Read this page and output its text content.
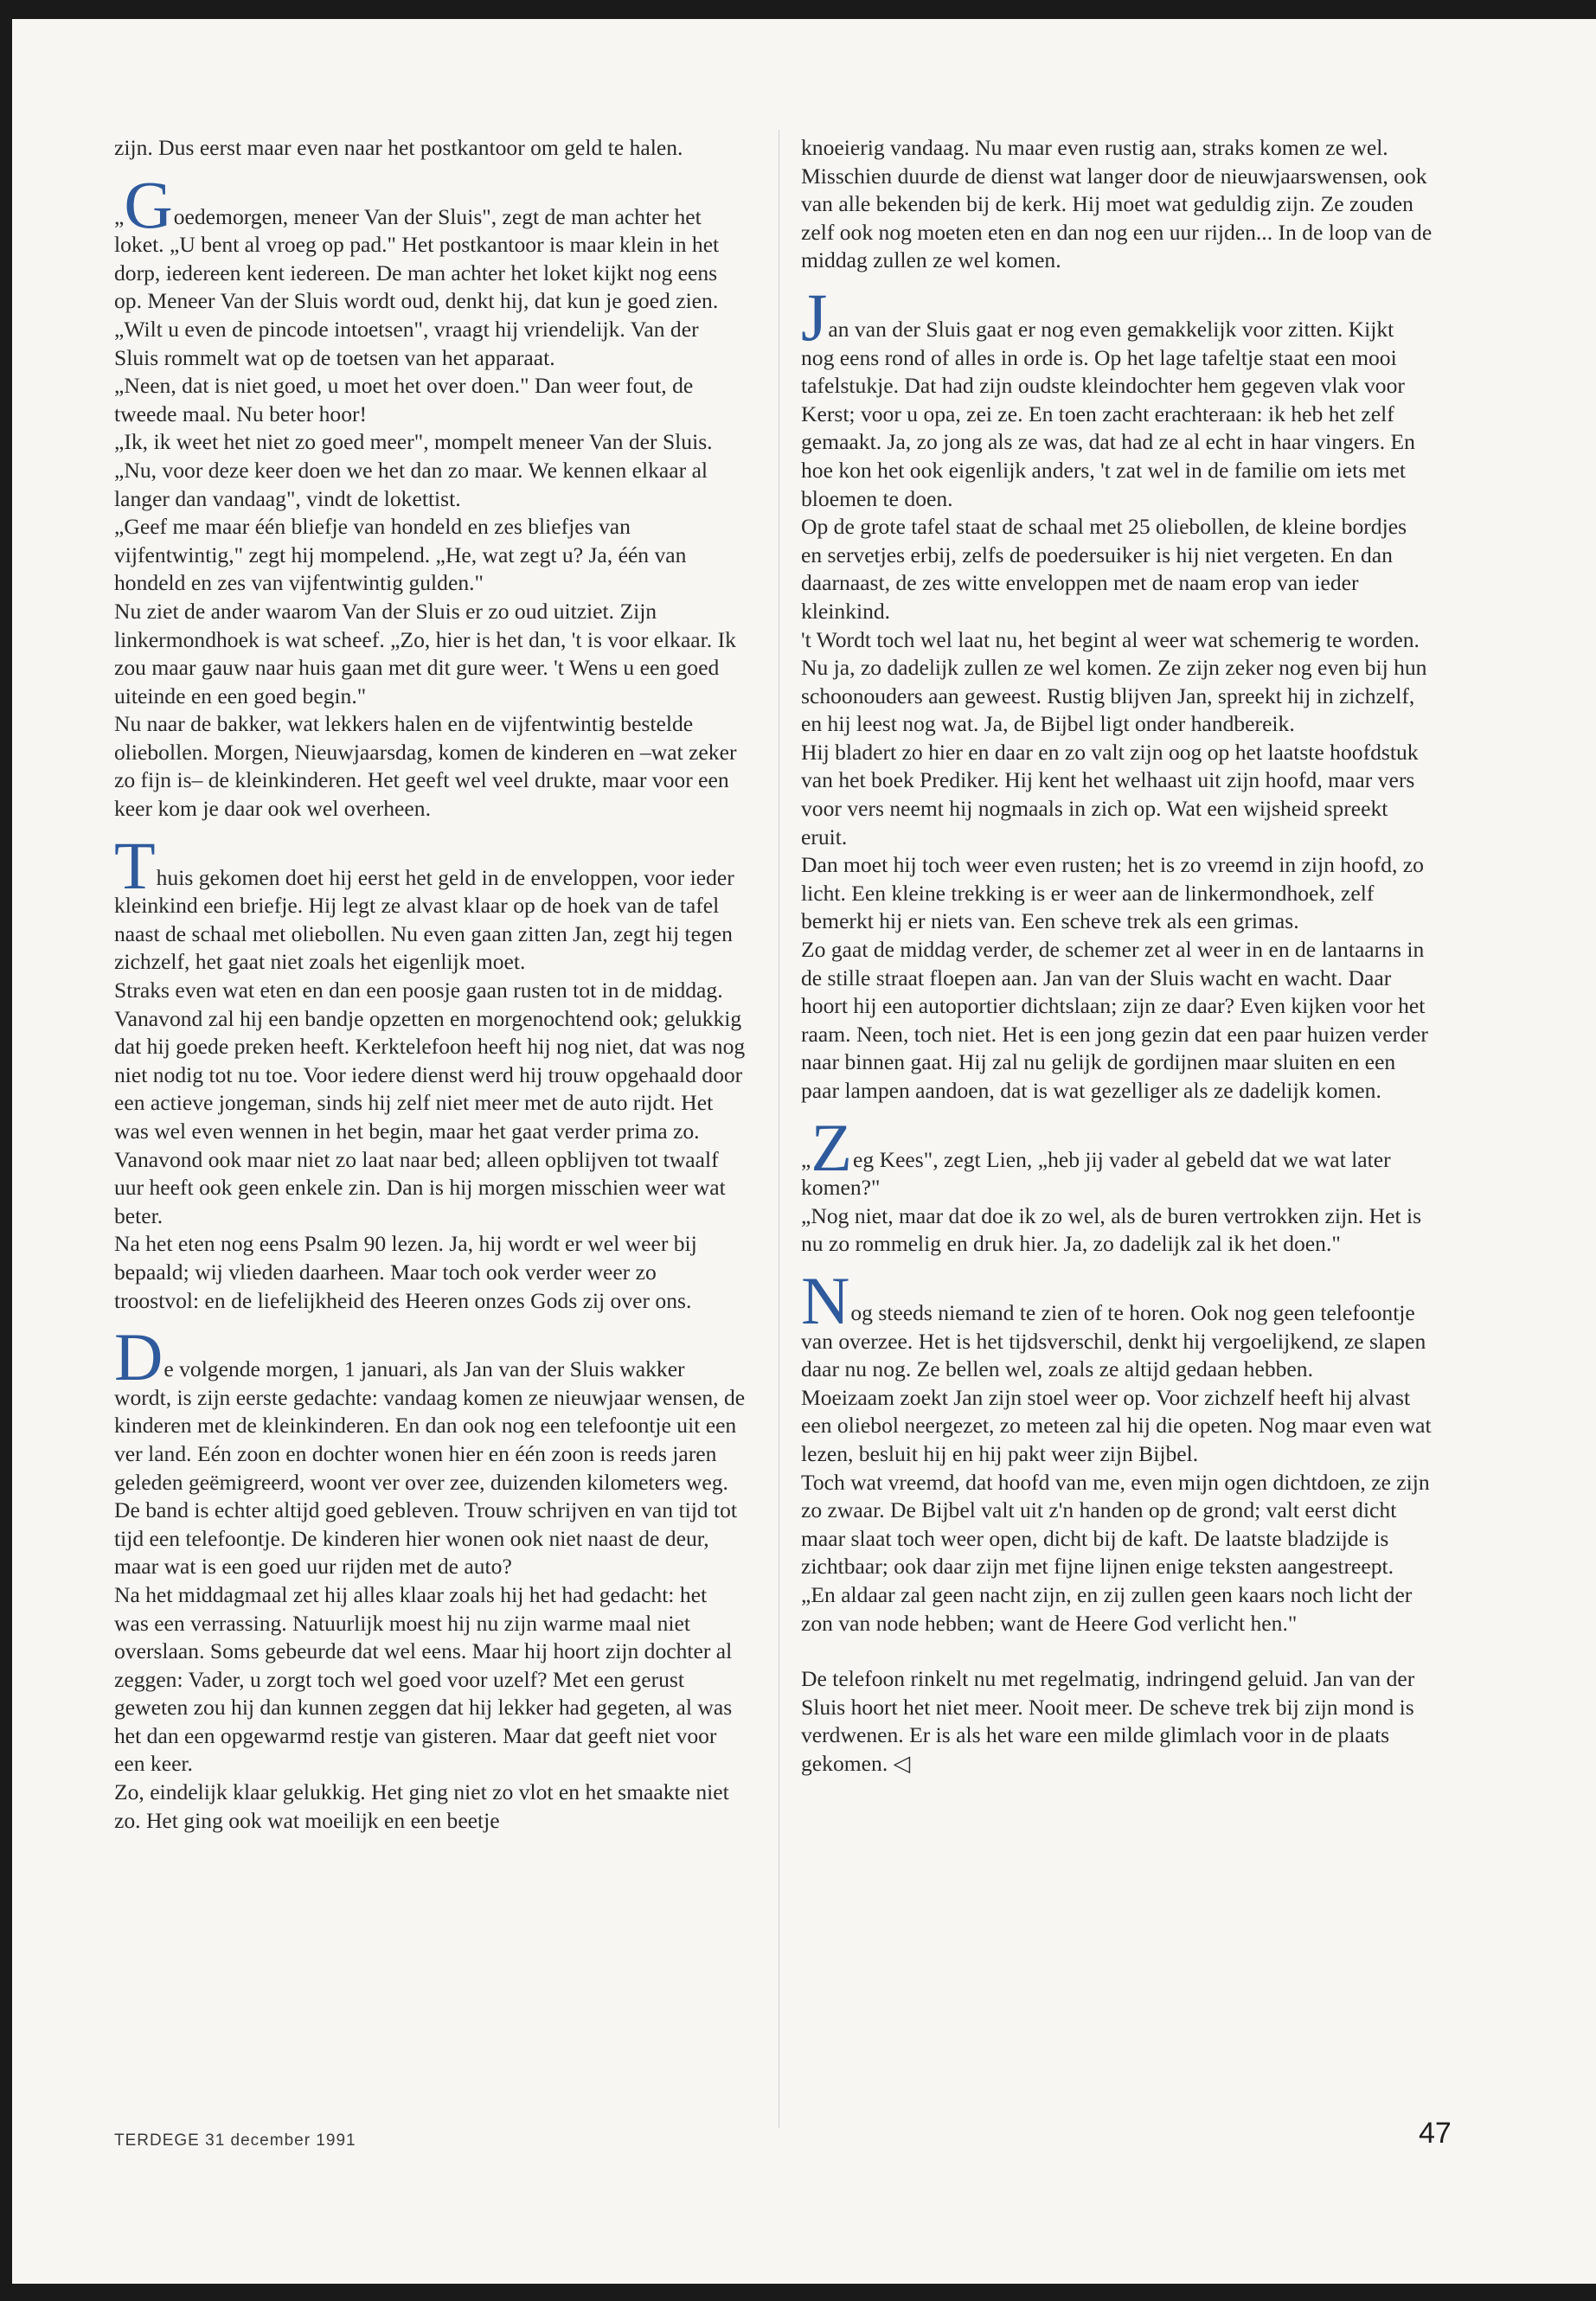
zijn. Dus eerst maar even naar het postkantoor om geld te halen.

„Goedemorgen, meneer Van der Sluis", zegt de man achter het loket. „U bent al vroeg op pad." Het postkantoor is maar klein in het dorp, iedereen kent iedereen. De man achter het loket kijkt nog eens op. Meneer Van der Sluis wordt oud, denkt hij, dat kun je goed zien.

„Wilt u even de pincode intoetsen", vraagt hij vriendelijk. Van der Sluis rommelt wat op de toetsen van het apparaat.

„Neen, dat is niet goed, u moet het over doen." Dan weer fout, de tweede maal. Nu beter hoor!

„Ik, ik weet het niet zo goed meer", mompelt meneer Van der Sluis.

„Nu, voor deze keer doen we het dan zo maar. We kennen elkaar al langer dan vandaag", vindt de lokettist.

„Geef me maar één bliefje van hondeld en zes bliefjes van vijfentwintig," zegt hij mompelend. „He, wat zegt u? Ja, één van hondeld en zes van vijfentwintig gulden."

Nu ziet de ander waarom Van der Sluis er zo oud uitziet. Zijn linkermondhoek is wat scheef. „Zo, hier is het dan, 't is voor elkaar. Ik zou maar gauw naar huis gaan met dit gure weer. 't Wens u een goed uiteinde en een goed begin."

Nu naar de bakker, wat lekkers halen en de vijfentwintig bestelde oliebollen. Morgen, Nieuwjaarsdag, komen de kinderen en –wat zeker zo fijn is– de kleinkinderen. Het geeft wel veel drukte, maar voor een keer kom je daar ook wel overheen.

Thuis gekomen doet hij eerst het geld in de enveloppen, voor ieder kleinkind een briefje. Hij legt ze alvast klaar op de hoek van de tafel naast de schaal met oliebollen. Nu even gaan zitten Jan, zegt hij tegen zichzelf, het gaat niet zoals het eigenlijk moet.

Straks even wat eten en dan een poosje gaan rusten tot in de middag. Vanavond zal hij een bandje opzetten en morgenochtend ook; gelukkig dat hij goede preken heeft. Kerktelefoon heeft hij nog niet, dat was nog niet nodig tot nu toe. Voor iedere dienst werd hij trouw opgehaald door een actieve jongeman, sinds hij zelf niet meer met de auto rijdt. Het was wel even wennen in het begin, maar het gaat verder prima zo.

Vanavond ook maar niet zo laat naar bed; alleen opblijven tot twaalf uur heeft ook geen enkele zin. Dan is hij morgen misschien weer wat beter.

Na het eten nog eens Psalm 90 lezen. Ja, hij wordt er wel weer bij bepaald; wij vlieden daarheen. Maar toch ook verder weer zo troostvol: en de liefelijkheid des Heeren onzes Gods zij over ons.

De volgende morgen, 1 januari, als Jan van der Sluis wakker wordt, is zijn eerste gedachte: vandaag komen ze nieuwjaar wensen, de kinderen met de kleinkinderen. En dan ook nog een telefoontje uit een ver land. Eén zoon en dochter wonen hier en één zoon is reeds jaren geleden geëmigreerd, woont ver over zee, duizenden kilometers weg. De band is echter altijd goed gebleven. Trouw schrijven en van tijd tot tijd een telefoontje. De kinderen hier wonen ook niet naast de deur, maar wat is een goed uur rijden met de auto?

Na het middagmaal zet hij alles klaar zoals hij het had gedacht: het was een verrassing. Natuurlijk moest hij nu zijn warme maal niet overslaan. Soms gebeurde dat wel eens. Maar hij hoort zijn dochter al zeggen: Vader, u zorgt toch wel goed voor uzelf? Met een gerust geweten zou hij dan kunnen zeggen dat hij lekker had gegeten, al was het dan een opgewarmd restje van gisteren. Maar dat geeft niet voor een keer.

Zo, eindelijk klaar gelukkig. Het ging niet zo vlot en het smaakte niet zo. Het ging ook wat moeilijk en een beetje

knoeierig vandaag. Nu maar even rustig aan, straks komen ze wel. Misschien duurde de dienst wat langer door de nieuwjaarswensen, ook van alle bekenden bij de kerk. Hij moet wat geduldig zijn. Ze zouden zelf ook nog moeten eten en dan nog een uur rijden... In de loop van de middag zullen ze wel komen.

Jan van der Sluis gaat er nog even gemakkelijk voor zitten. Kijkt nog eens rond of alles in orde is. Op het lage tafeltje staat een mooi tafelstukje. Dat had zijn oudste kleindochter hem gegeven vlak voor Kerst; voor u opa, zei ze. En toen zacht erachteraan: ik heb het zelf gemaakt. Ja, zo jong als ze was, dat had ze al echt in haar vingers. En hoe kon het ook eigenlijk anders, 't zat wel in de familie om iets met bloemen te doen.

Op de grote tafel staat de schaal met 25 oliebollen, de kleine bordjes en servetjes erbij, zelfs de poedersuiker is hij niet vergeten. En dan daarnaast, de zes witte enveloppen met de naam erop van ieder kleinkind.

't Wordt toch wel laat nu, het begint al weer wat schemerig te worden. Nu ja, zo dadelijk zullen ze wel komen. Ze zijn zeker nog even bij hun schoonouders aan geweest. Rustig blijven Jan, spreekt hij in zichzelf, en hij leest nog wat. Ja, de Bijbel ligt onder handbereik.

Hij bladert zo hier en daar en zo valt zijn oog op het laatste hoofdstuk van het boek Prediker. Hij kent het welhaast uit zijn hoofd, maar vers voor vers neemt hij nogmaals in zich op. Wat een wijsheid spreekt eruit.

Dan moet hij toch weer even rusten; het is zo vreemd in zijn hoofd, zo licht. Een kleine trekking is er weer aan de linkermondhoek, zelf bemerkt hij er niets van. Een scheve trek als een grimas.

Zo gaat de middag verder, de schemer zet al weer in en de lantaarns in de stille straat floepen aan. Jan van der Sluis wacht en wacht. Daar hoort hij een autoportier dichtslaan; zijn ze daar? Even kijken voor het raam. Neen, toch niet. Het is een jong gezin dat een paar huizen verder naar binnen gaat. Hij zal nu gelijk de gordijnen maar sluiten en een paar lampen aandoen, dat is wat gezelliger als ze dadelijk komen.

„Zeg Kees", zegt Lien, „heb jij vader al gebeld dat we wat later komen?"

„Nog niet, maar dat doe ik zo wel, als de buren vertrokken zijn. Het is nu zo rommelig en druk hier. Ja, zo dadelijk zal ik het doen."

Nog steeds niemand te zien of te horen. Ook nog geen telefoontje van overzee. Het is het tijdsverschil, denkt hij vergoelijkend, ze slapen daar nu nog. Ze bellen wel, zoals ze altijd gedaan hebben.

Moeizaam zoekt Jan zijn stoel weer op. Voor zichzelf heeft hij alvast een oliebol neergezet, zo meteen zal hij die opeten. Nog maar even wat lezen, besluit hij en hij pakt weer zijn Bijbel.

Toch wat vreemd, dat hoofd van me, even mijn ogen dichtdoen, ze zijn zo zwaar. De Bijbel valt uit z'n handen op de grond; valt eerst dicht maar slaat toch weer open, dicht bij de kaft. De laatste bladzijde is zichtbaar; ook daar zijn met fijne lijnen enige teksten aangestreept. „En aldaar zal geen nacht zijn, en zij zullen geen kaars noch licht der zon van node hebben; want de Heere God verlicht hen."

De telefoon rinkelt nu met regelmatig, indringend geluid. Jan van der Sluis hoort het niet meer. Nooit meer. De scheve trek bij zijn mond is verdwenen. Er is als het ware een milde glimlach voor in de plaats gekomen. ◁

TERDEGE 31 december 1991	47
